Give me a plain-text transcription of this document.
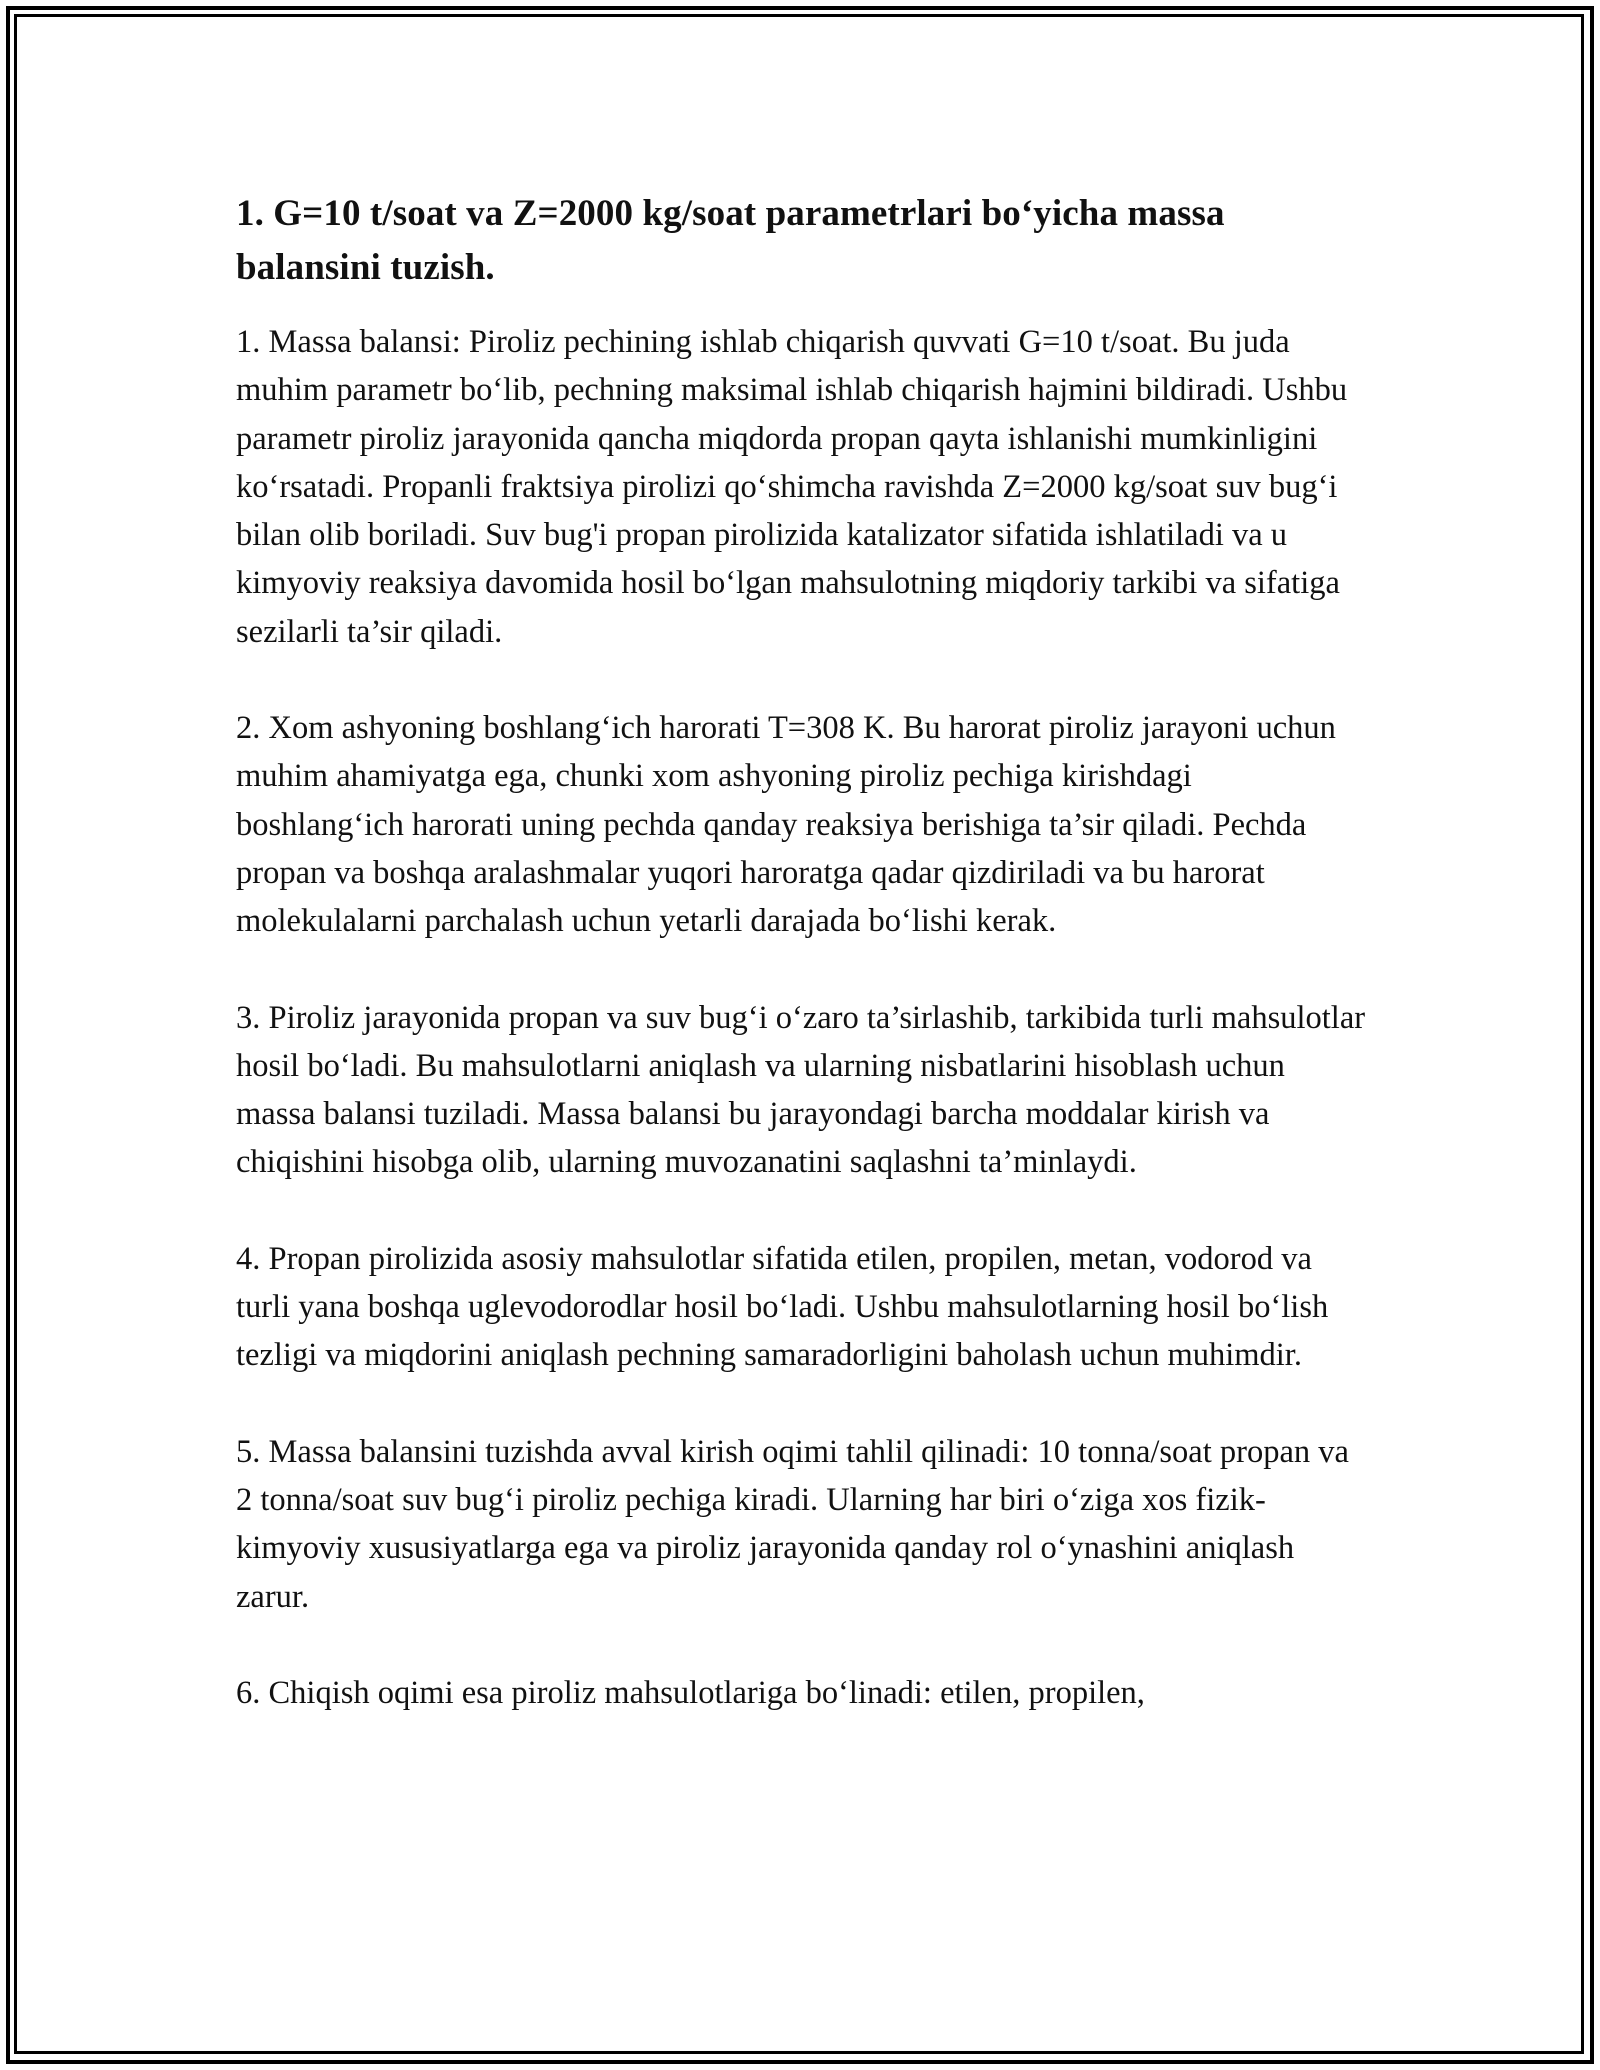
1. G=10 t/soat va Z=2000 kg/soat parametrlari bo‘yicha massa balansini tuzish.

1. Massa balansi: Piroliz pechining ishlab chiqarish quvvati G=10 t/soat. Bu juda muhim parametr bo‘lib, pechning maksimal ishlab chiqarish hajmini bildiradi. Ushbu parametr piroliz jarayonida qancha miqdorda propan qayta ishlanishi mumkinligini ko‘rsatadi. Propanli fraktsiya pirolizi qo‘shimcha ravishda Z=2000 kg/soat suv bug‘i bilan olib boriladi. Suv bug'i propan pirolizida katalizator sifatida ishlatiladi va u kimyoviy reaksiya davomida hosil bo‘lgan mahsulotning miqdoriy tarkibi va sifatiga sezilarli ta’sir qiladi.

2. Xom ashyoning boshlang‘ich harorati T=308 K. Bu harorat piroliz jarayoni uchun muhim ahamiyatga ega, chunki xom ashyoning piroliz pechiga kirishdagi boshlang‘ich harorati uning pechda qanday reaksiya berishiga ta’sir qiladi. Pechda propan va boshqa aralashmalar yuqori haroratga qadar qizdiriladi va bu harorat molekulalarni parchalash uchun yetarli darajada bo‘lishi kerak.

3. Piroliz jarayonida propan va suv bug‘i o‘zaro ta’sirlashib, tarkibida turli mahsulotlar hosil bo‘ladi. Bu mahsulotlarni aniqlash va ularning nisbatlarini hisoblash uchun massa balansi tuziladi. Massa balansi bu jarayondagi barcha moddalar kirish va chiqishini hisobga olib, ularning muvozanatini saqlashni ta’minlaydi.

4. Propan pirolizida asosiy mahsulotlar sifatida etilen, propilen, metan, vodorod va turli yana boshqa uglevodorodlar hosil bo‘ladi. Ushbu mahsulotlarning hosil bo‘lish tezligi va miqdorini aniqlash pechning samaradorligini baholash uchun muhimdir.

5. Massa balansini tuzishda avval kirish oqimi tahlil qilinadi: 10 tonna/soat propan va 2 tonna/soat suv bug‘i piroliz pechiga kiradi. Ularning har biri o‘ziga xos fizik-kimyoviy xususiyatlarga ega va piroliz jarayonida qanday rol o‘ynashini aniqlash zarur.

6. Chiqish oqimi esa piroliz mahsulotlariga bo‘linadi: etilen, propilen,
